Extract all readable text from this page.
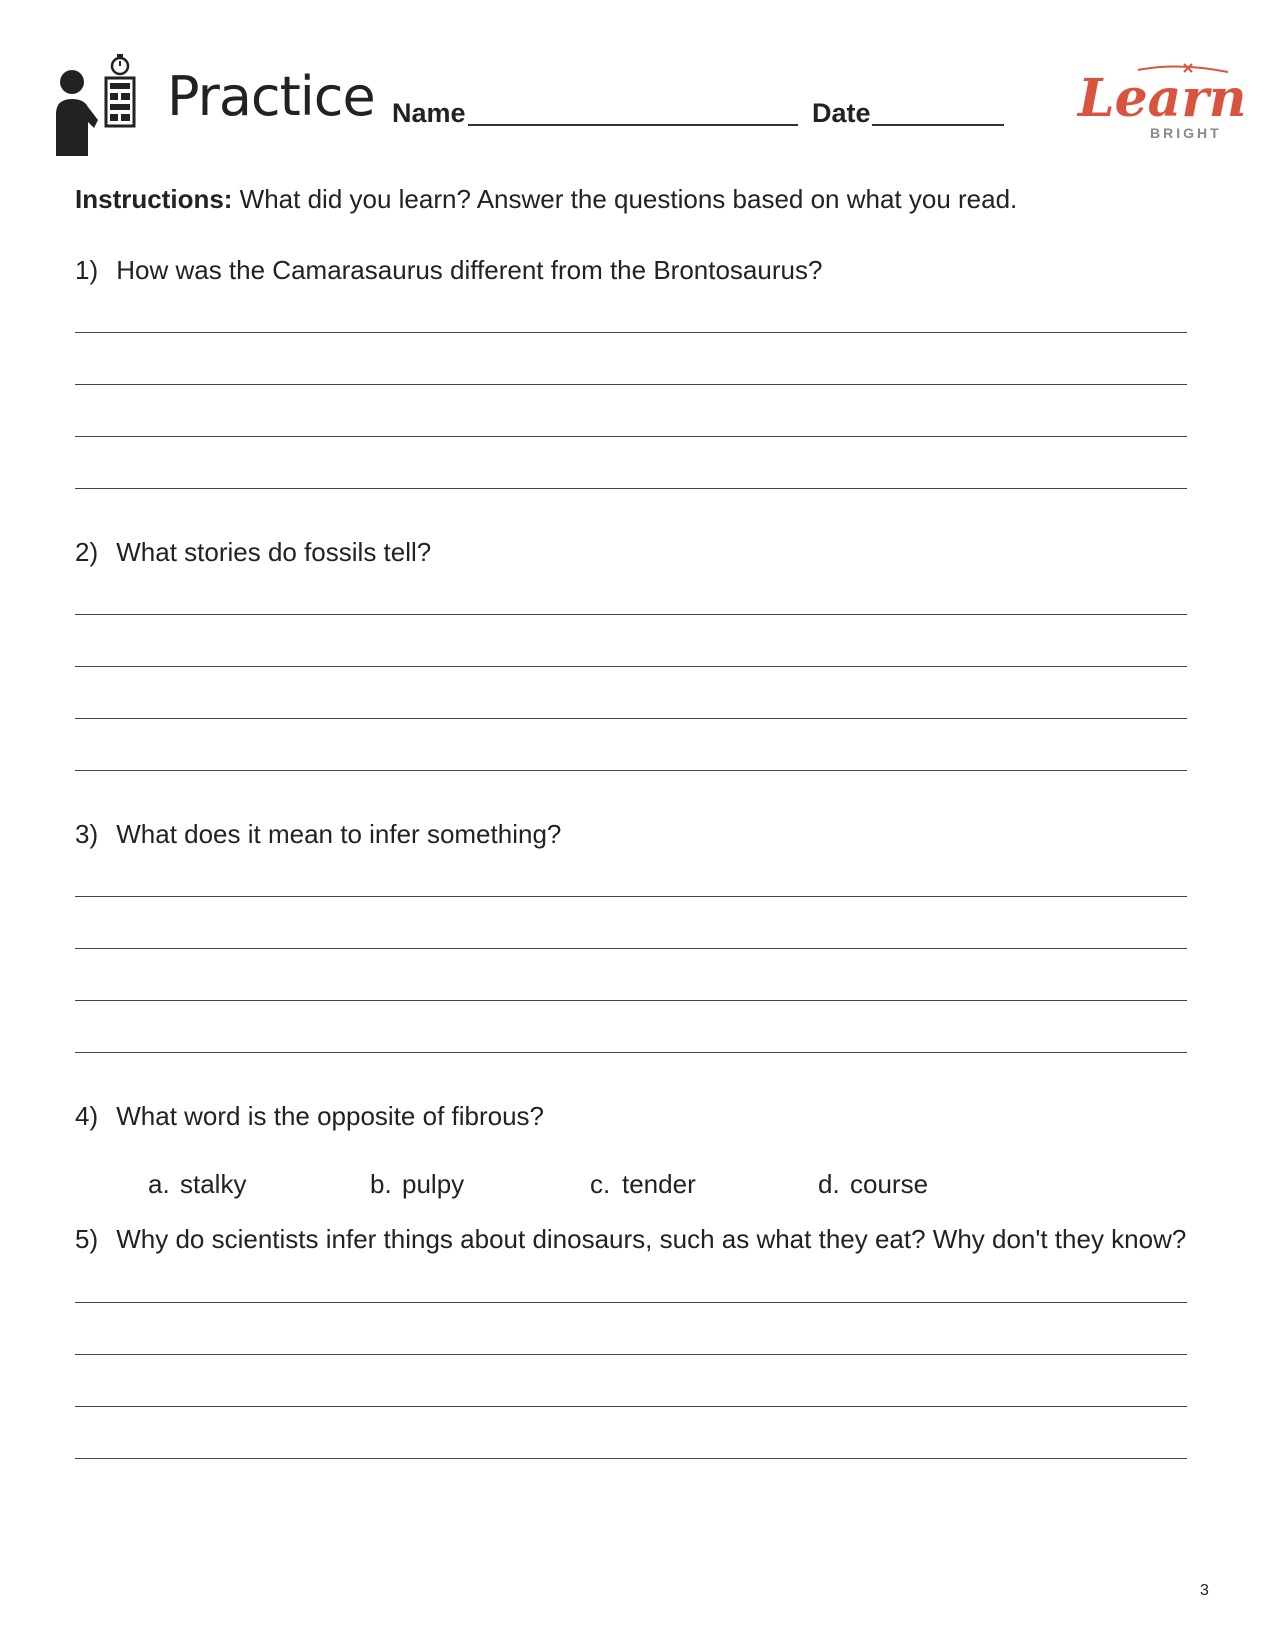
Practice Name	Date	Learn
BRIGHT
Instructions: What did you learn? Answer the questions based on what you read.
1) How was the Camarasaurus different from the Brontosaurus?
2) What stories do fossils tell?
3) What does it mean to infer something?
4) What word is the opposite of fibrous?
a. stalky	b. pulpy	c. tender	d. course
5) Why do scientists infer things about dinosaurs, such as what they eat? Why don't they know?
3
